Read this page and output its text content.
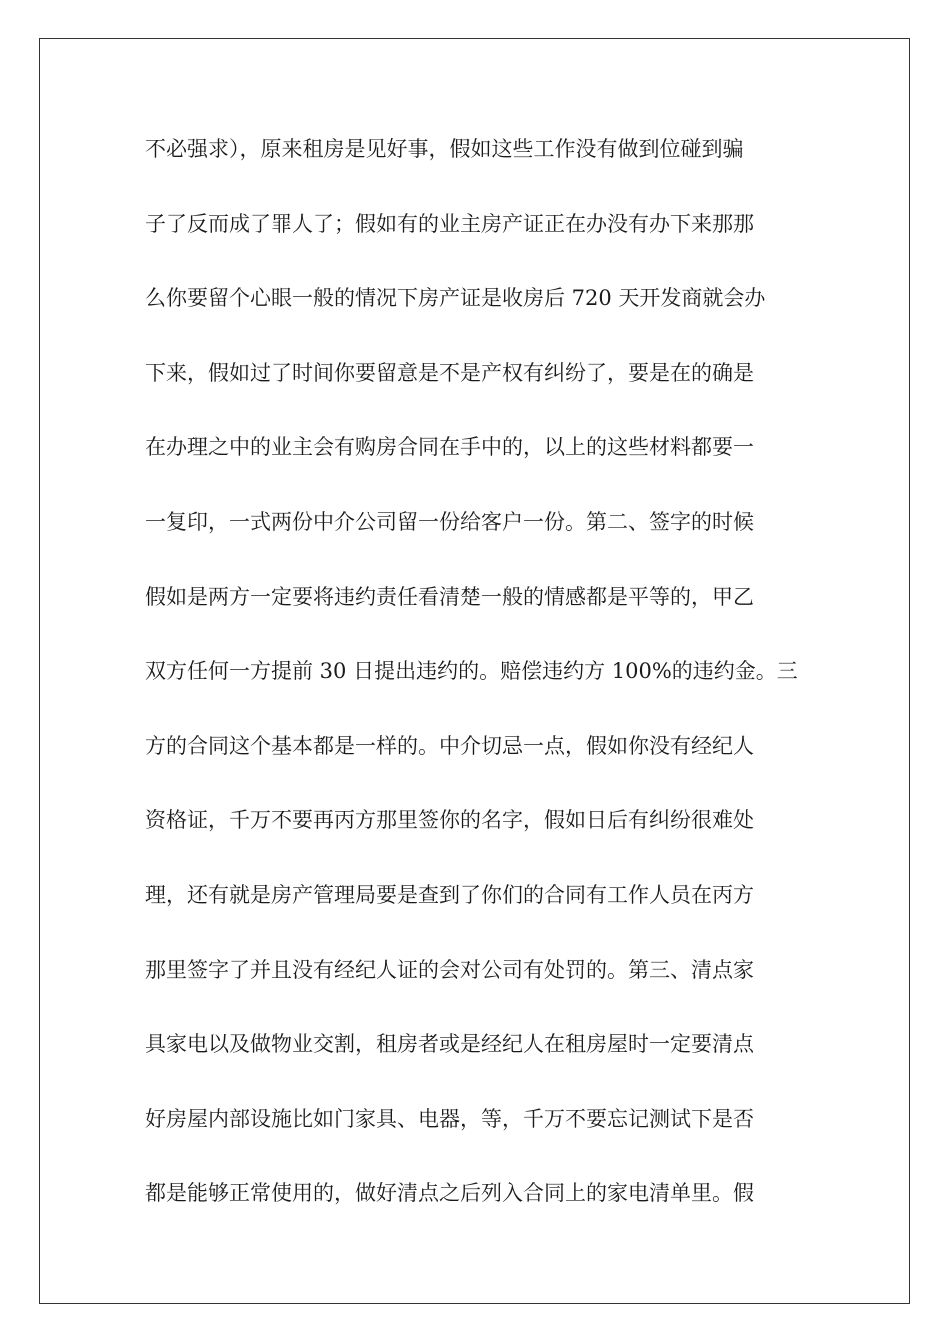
不必强求），原来租房是见好事，假如这些工作没有做到位碰到骗
子了反而成了罪人了；假如有的业主房产证正在办没有办下来那那
么你要留个心眼一般的情况下房产证是收房后 720 天开发商就会办
下来，假如过了时间你要留意是不是产权有纠纷了，要是在的确是
在办理之中的业主会有购房合同在手中的，以上的这些材料都要一
一复印，一式两份中介公司留一份给客户一份。第二、签字的时候
假如是两方一定要将违约责任看清楚一般的情感都是平等的，甲乙
双方任何一方提前 30 日提出违约的。赔偿违约方 100%的违约金。三
方的合同这个基本都是一样的。中介切忌一点，假如你没有经纪人
资格证，千万不要再丙方那里签你的名字，假如日后有纠纷很难处
理，还有就是房产管理局要是查到了你们的合同有工作人员在丙方
那里签字了并且没有经纪人证的会对公司有处罚的。第三、清点家
具家电以及做物业交割，租房者或是经纪人在租房屋时一定要清点
好房屋内部设施比如门家具、电器，等，千万不要忘记测试下是否
都是能够正常使用的，做好清点之后列入合同上的家电清单里。假
